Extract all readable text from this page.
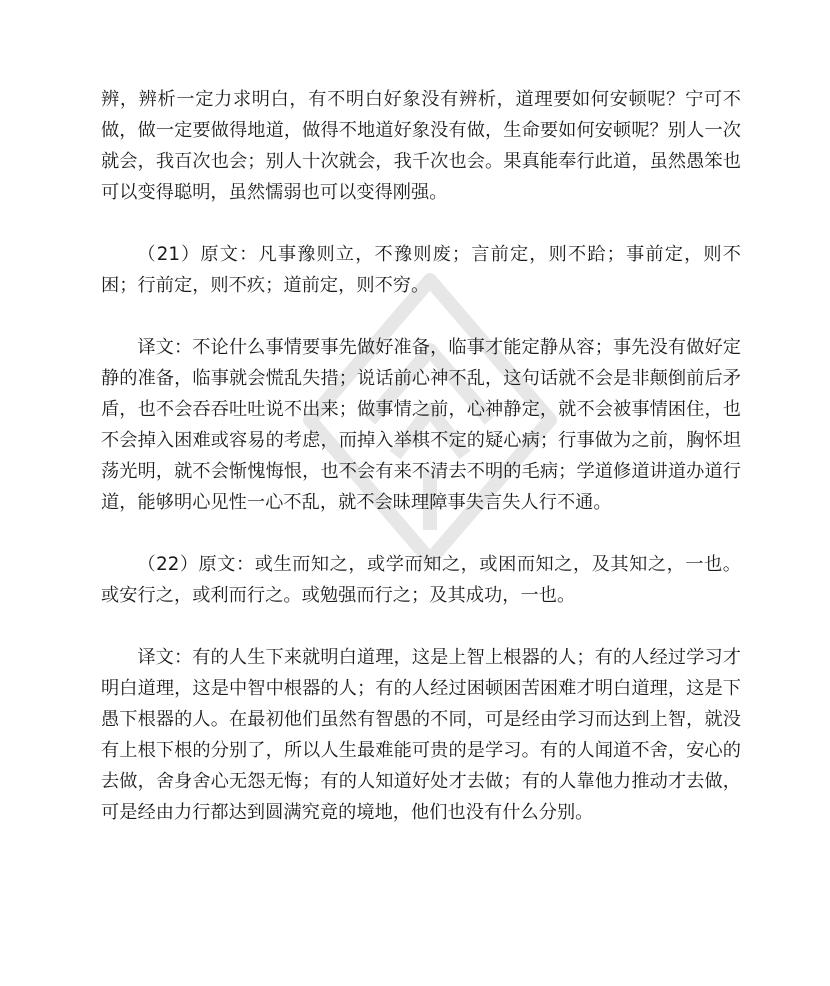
辨，辨析一定力求明白，有不明白好象没有辨析，道理要如何安顿呢？宁可不做，做一定要做得地道，做得不地道好象没有做，生命要如何安顿呢？别人一次就会，我百次也会；别人十次就会，我千次也会。果真能奉行此道，虽然愚笨也可以变得聪明，虽然懦弱也可以变得刚强。

（21）原文：凡事豫则立，不豫则废；言前定，则不跲；事前定，则不困；行前定，则不疚；道前定，则不穷。

译文：不论什么事情要事先做好准备，临事才能定静从容；事先没有做好定静的准备，临事就会慌乱失措；说话前心神不乱，这句话就不会是非颠倒前后矛盾，也不会吞吞吐吐说不出来；做事情之前，心神静定，就不会被事情困住，也不会掉入困难或容易的考虑，而掉入举棋不定的疑心病；行事做为之前，胸怀坦荡光明，就不会惭愧悔恨，也不会有来不清去不明的毛病；学道修道讲道办道行道，能够明心见性一心不乱，就不会昧理障事失言失人行不通。

（22）原文：或生而知之，或学而知之，或困而知之，及其知之，一也。或安行之，或利而行之。或勉强而行之；及其成功，一也。

译文：有的人生下来就明白道理，这是上智上根器的人；有的人经过学习才明白道理，这是中智中根器的人；有的人经过困顿困苦困难才明白道理，这是下愚下根器的人。在最初他们虽然有智愚的不同，可是经由学习而达到上智，就没有上根下根的分别了，所以人生最难能可贵的是学习。有的人闻道不舍，安心的去做，舍身舍心无怨无悔；有的人知道好处才去做；有的人靠他力推动才去做，可是经由力行都达到圆满究竟的境地，他们也没有什么分别。
